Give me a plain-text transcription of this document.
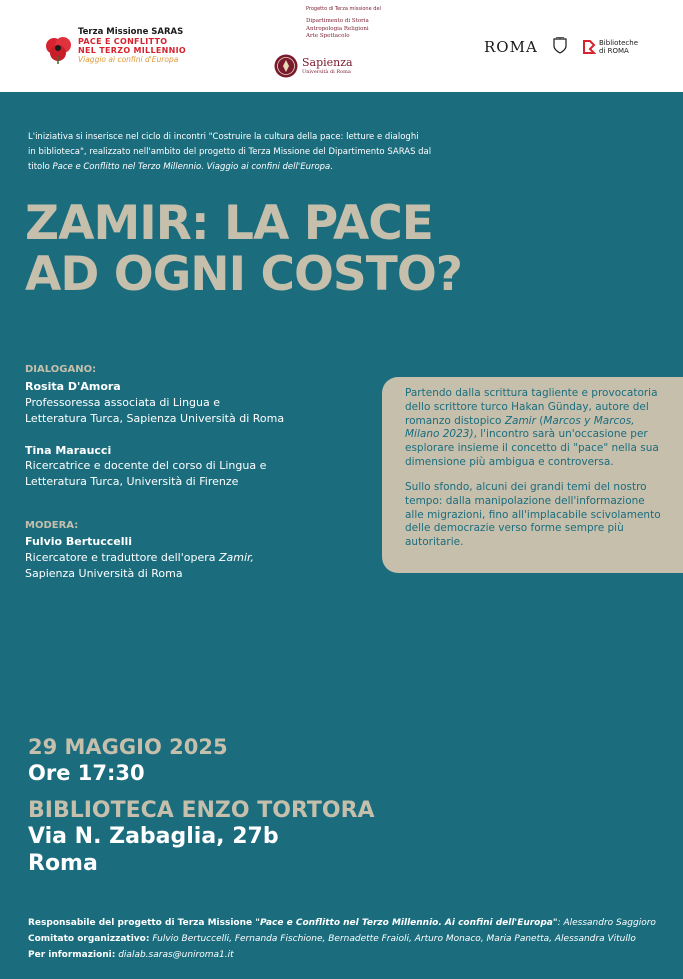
Terza Missione SARAS
PACE E CONFLITTO
NEL TERZO MILLENNIO
Viaggio ai confini d'Europa
Progetto di Terza missione del
Dipartimento di Storia
Antropologia Religioni
Arte Spettacolo
Sapienza
Università di Roma
ROMA	Biblioteche
di ROMA

L'iniziativa si inserisce nel ciclo di incontri "Costruire la cultura della pace: letture e dialoghi
in biblioteca", realizzato nell'ambito del progetto di Terza Missione del Dipartimento SARAS dal
titolo Pace e Conflitto nel Terzo Millennio. Viaggio ai confini dell'Europa.

ZAMIR: LA PACE
AD OGNI COSTO?
DIALOGANO:
Rosita D'Amora
Professoressa associata di Lingua e
Letteratura Turca, Sapienza Università di Roma
Tina Maraucci
Ricercatrice e docente del corso di Lingua e
Letteratura Turca, Università di Firenze
MODERA:
Fulvio Bertuccelli
Ricercatore e traduttore dell'opera Zamir,
Sapienza Università di Roma

Partendo dalla scrittura tagliente e provocatoria dello scrittore turco Hakan Günday, autore del romanzo distopico Zamir (Marcos y Marcos, Milano 2023), l'incontro sarà un'occasione per esplorare insieme il concetto di "pace" nella sua dimensione più ambigua e controversa.

Sullo sfondo, alcuni dei grandi temi del nostro tempo: dalla manipolazione dell'informazione alle migrazioni, fino all'implacabile scivolamento delle democrazie verso forme sempre più autoritarie.

29 MAGGIO 2025
Ore 17:30
BIBLIOTECA ENZO TORTORA
Via N. Zabaglia, 27b
Roma
Responsabile del progetto di Terza Missione "Pace e Conflitto nel Terzo Millennio. Ai confini dell'Europa": Alessandro Saggioro
Comitato organizzativo: Fulvio Bertuccelli, Fernanda Fischione, Bernadette Fraioli, Arturo Monaco, Maria Panetta, Alessandra Vitullo
Per informazioni: dialab.saras@uniroma1.it
